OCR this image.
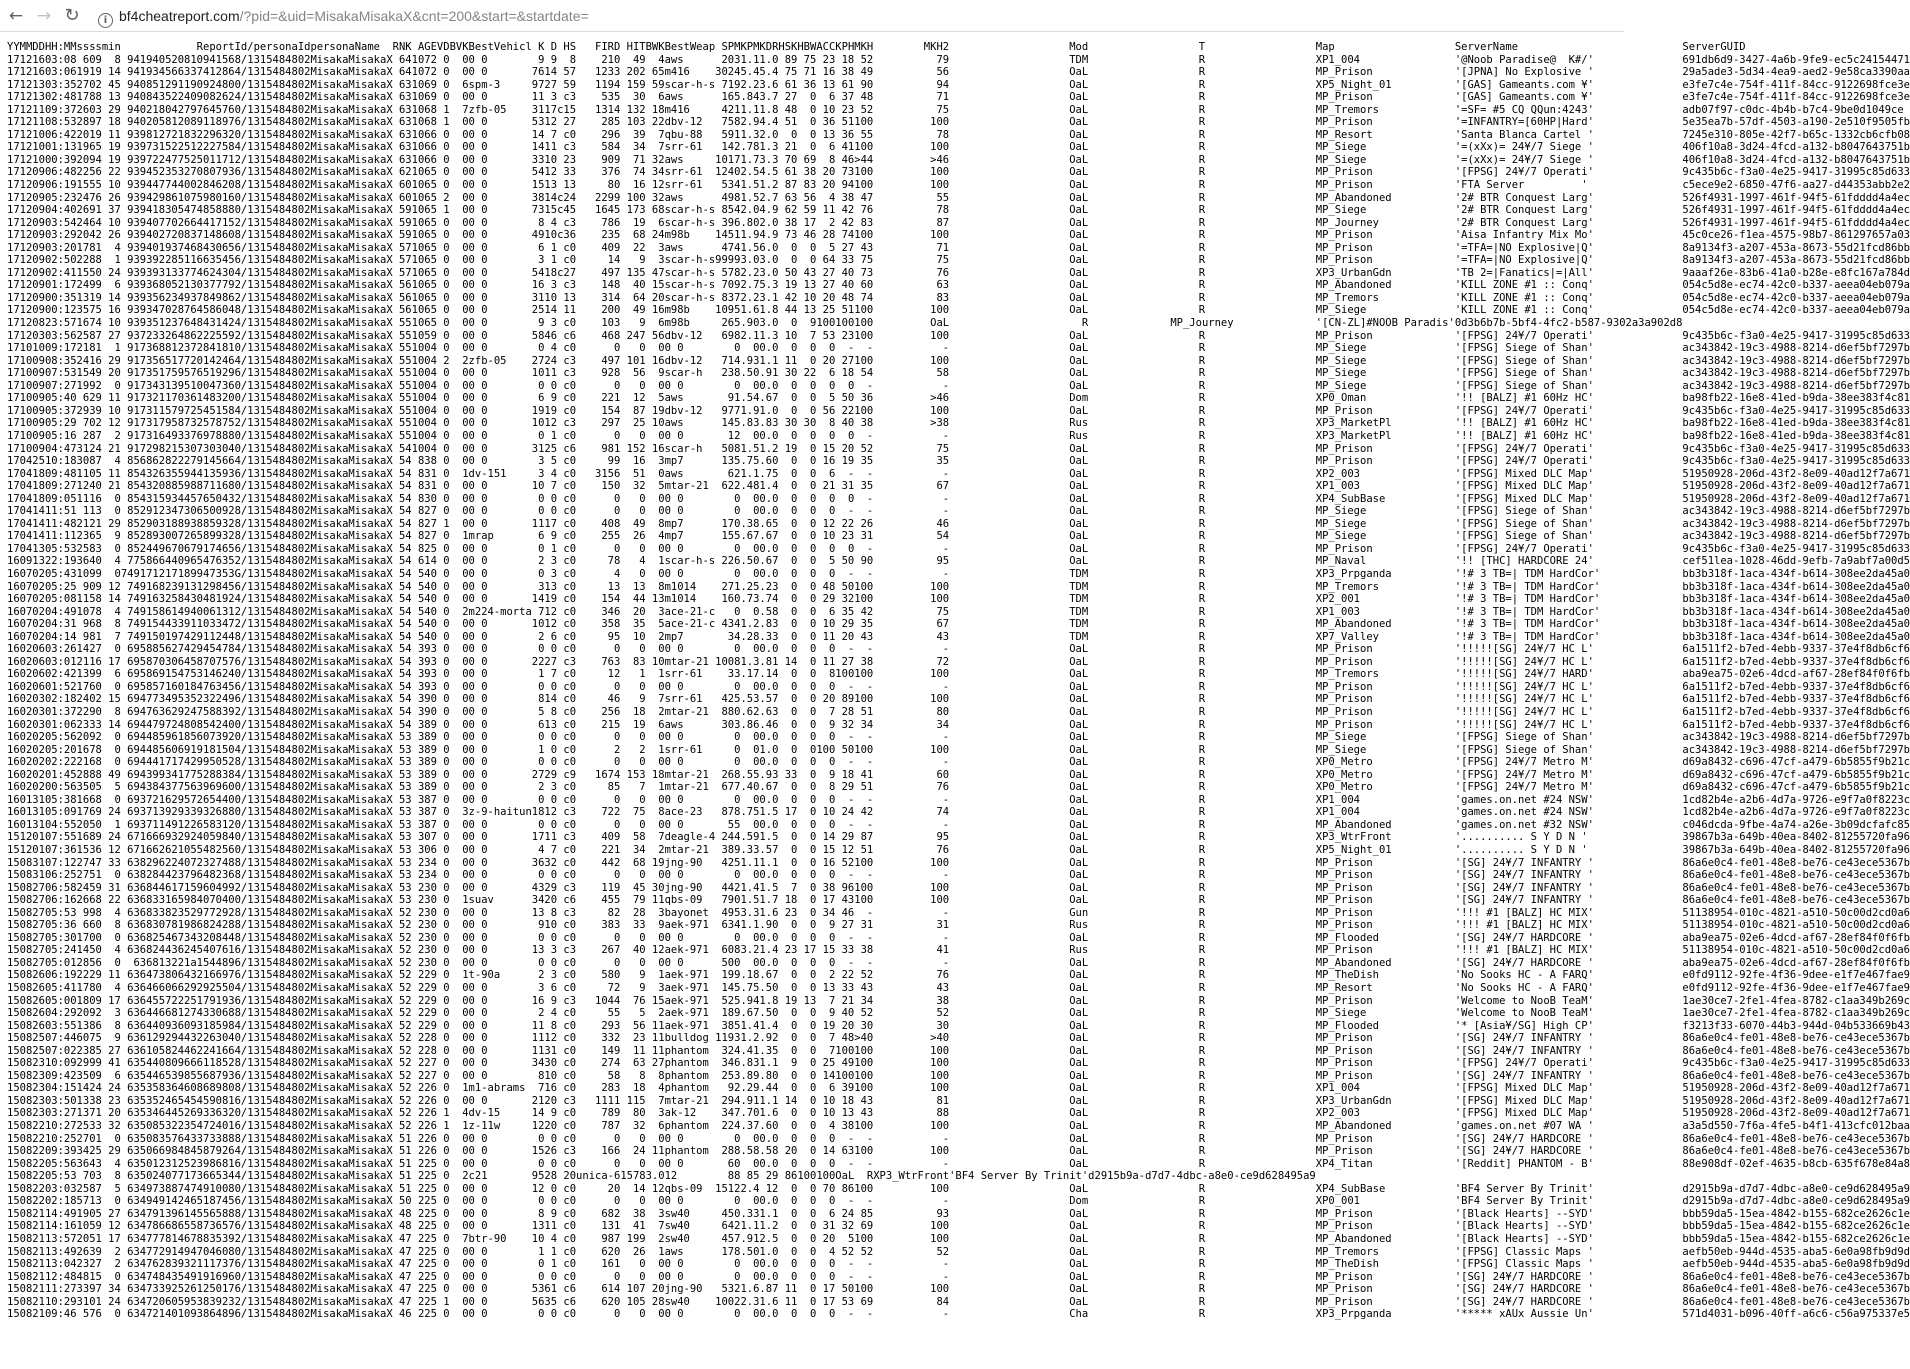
← → ↻	i bf4cheatreport.com/?pid=&uid=MisakaMisakaX&cnt=200&start=&startdate=
YYMMDD	HH:MM	ssss	min	ReportId/personaId	personaName	RNK	AGE	VD	BVK	BestVehicl	K	D	HS	FIRD	HIT	BWK	BestWeap	SPM	KPM	KDR	HSK	HBW	ACC	KPH	MKH	MKH2	Mod	T	Map	ServerName	ServerGUID
171216	03:08	609	8	941940520810941568/1315484802	MisakaMisakaX	64	1072	0	0	0 0	9	9	8	210	49	4	aws	203	1.1	1.0	89	75	23	18	52	79	TDM	R	XP1_004	'@Noob Paradise@  K#/'	691db6d9-3427-4a6b-9fe9-ec5c24154471
171216	03:06	1919	14	941934566337412864/1315484802	MisakaMisakaX	64	1072	0	0	0 0	76	14	57	1233	202	65	m416	3024	5.4	5.4	75	71	16	38	49	56	OaL	R	MP_Prison	'[JPNA] No Explosive '	29a5ade3-5d34-4ea9-aed2-9e58ca3390aa
171213	03:35	2702	45	940851291190924800/1315484802	MisakaMisakaX	63	1069	0	6	spm-3	97	27	59	1194	159	59	scar-h-s	719	2.2	3.6	61	36	13	61	90	94	OaL	R	XP5_Night_01	'[GAS] Gameants.com ¥'	e3fe7c4e-754f-411f-84cc-9122698fce3e
171213	02:48	1788	13	940843522409082624/1315484802	MisakaMisakaX	63	1069	0	0	0 0	11	3	c3	535	30	6	aws	165	.84	3.7	27	0	6	37	48	71	OaL	R	MP_Prison	'[GAS] Gameants.com ¥'	e3fe7c4e-754f-411f-84cc-9122698fce3e
171211	09:37	2603	29	940218042797645760/1315484802	MisakaMisakaX	63	1068	1	7	zfb-05	31	17	c15	1314	132	18	m416	421	1.1	1.8	48	0	10	23	52	75	OaL	R	MP_Tremors	'=SF= #5 CQ QQun:4243'	adb07f97-c0dc-4b4b-b7c4-9be0d1049ce
171211	08:53	2897	18	940205812089118976/1315484802	MisakaMisakaX	63	1068	1	0	0 0	53	12	27	285	103	22	dbv-12	758	2.9	4.4	51	0	36	51	100	100	OaL	R	MP_Prison	'=INFANTRY=[60HP|Hard'	5e35ea7b-57df-4503-a190-2e510f9505fb
171210	06:42	2019	11	939812721832296320/1315484802	MisakaMisakaX	63	1066	0	0	0 0	14	7	c0	296	39	7	qbu-88	591	1.3	2.0	0	0	13	36	55	78	OaL	R	MP_Resort	'Santa Blanca Cartel '	7245e310-805e-42f7-b65c-1332cb6cfb08
171210	01:13	1965	19	939731522512227584/1315484802	MisakaMisakaX	63	1066	0	0	0 0	14	11	c3	584	34	7	srr-61	142	.78	1.3	21	0	6	41	100	100	OaL	R	MP_Siege	'=(xXx)= 24¥/7 Siege '	406f10a8-3d24-4fcd-a132-b8047643751b
171210	00:39	2094	19	939722477525011712/1315484802	MisakaMisakaX	63	1066	0	0	0 0	33	10	23	909	71	32	aws	1017	1.7	3.3	70	69	8	46	>44	>46	OaL	R	MP_Siege	'=(xXx)= 24¥/7 Siege '	406f10a8-3d24-4fcd-a132-b8047643751b
171209	06:48	2256	22	939452353270807936/1315484802	MisakaMisakaX	62	1065	0	0	0 0	54	12	33	376	74	34	srr-61	1240	2.5	4.5	61	38	20	73	100	100	OaL	R	MP_Prison	'[FPSG] 24¥/7 Operati'	9c435b6c-f3a0-4e25-9417-31995c85d633
171209	06:19	1555	10	939447744002846208/1315484802	MisakaMisakaX	60	1065	0	0	0 0	15	13	13	80	16	12	srr-61	534	1.5	1.2	87	83	20	94	100	100	OaL	R	MP_Prison	'FTA Server         '	c5ece9e2-6850-47f6-aa27-d44353abb2e2
171209	05:23	2476	26	939429861075980160/1315484802	MisakaMisakaX	60	1065	2	0	0 0	38	14	c24	2299	100	32	aws	498	1.5	2.7	63	56	4	38	47	55	OaL	R	MP_Abandoned	'2# BTR Conquest Larg'	526f4931-1997-461f-94f5-61fdddd4a4ec
171209	04:40	2691	37	939418305474858880/1315484802	MisakaMisakaX	59	1065	1	0	0 0	73	15	c45	1645	173	68	scar-h-s	854	2.0	4.9	62	59	11	42	76	78	OaL	R	MP_Siege	'2# BTR Conquest Larg'	526f4931-1997-461f-94f5-61fdddd4a4ec
171209	03:54	2464	10	939407702664417152/1315484802	MisakaMisakaX	59	1065	0	0	0 0	8	4	c3	786	19	6	scar-h-s	396	.80	2.0	38	17	2	42	83	87	OaL	R	MP_Journey	'2# BTR Conquest Larg'	526f4931-1997-461f-94f5-61fdddd4a4ec
171209	03:29	2042	26	939402720837148608/1315484802	MisakaMisakaX	59	1065	0	0	0 0	49	10	c36	235	68	24	m98b	1451	1.9	4.9	73	46	28	74	100	100	OaL	R	MP_Prison	'Aisa Infantry Mix Mo'	45c0ce26-f1ea-4575-98b7-861297657a03
171209	03:20	1781	4	939401937468430656/1315484802	MisakaMisakaX	57	1065	0	0	0 0	6	1	c0	409	22	3	aws	474	1.5	6.0	0	0	5	27	43	71	OaL	R	MP_Prison	'=TFA=|NO Explosive|Q'	8a9134f3-a207-453a-8673-55d21fcd86bb
171209	02:50	2288	1	939392285116635456/1315484802	MisakaMisakaX	57	1065	0	0	0 0	3	1	c0	14	9	3	scar-h-s	9999	3.0	3.0	0	0	64	33	75	75	OaL	R	MP_Prison	'=TFA=|NO Explosive|Q'	8a9134f3-a207-453a-8673-55d21fcd86bb
171209	02:41	1550	24	939393133774624304/1315484802	MisakaMisakaX	57	1065	0	0	0 0	54	18	c27	497	135	47	scar-h-s	578	2.2	3.0	50	43	27	40	73	76	OaL	R	XP3_UrbanGdn	'TB 2=|Fanatics|=|All'	9aaaf26e-83b6-41a0-b28e-e8fc167a784d
171209	01:17	2499	6	939368052130377792/1315484802	MisakaMisakaX	56	1065	0	0	0 0	16	3	c3	148	40	15	scar-h-s	709	2.7	5.3	19	13	27	40	60	63	OaL	R	MP_Abandoned	'KILL ZONE #1 :: Conq'	054c5d8e-ec74-42c0-b337-aeea04eb079a
171209	00:35	1319	14	939356234937849862/1315484802	MisakaMisakaX	56	1065	0	0	0 0	31	10	13	314	64	20	scar-h-s	837	2.2	3.1	42	10	20	48	74	83	OaL	R	MP_Tremors	'KILL ZONE #1 :: Conq'	054c5d8e-ec74-42c0-b337-aeea04eb079a
171209	00:12	3575	16	939347028764586048/1315484802	MisakaMisakaX	56	1065	0	0	0 0	25	14	11	200	49	16	m98b	1095	1.6	1.8	44	13	25	51	100	100	OaL	R	MP_Siege	'KILL ZONE #1 :: Conq'	054c5d8e-ec74-42c0-b337-aeea04eb079a
171208	23:57	1674	10	939351237648431424/1315484802	MisakaMisakaX	55	1065	0	0	0 0	9	3	c0	103	9	6	m98b	265	.90	3.0	0	9	100	100	100	OaL	R	MP_Journey	'[CN-ZL]#NOOB Paradis'	0d3b6b7b-5bf4-4fc2-b587-9302a3a902d8	
171203	03:56	2587	27	937233264862225592/1315484802	MisakaMisakaX	55	1059	0	0	0 0	58	46	c6	468	247	56	dbv-12	698	2.1	1.3	10	7	53	23	100	100	OaL	R	MP_Prison	'[FPSG] 24¥/7 Operati'	9c435b6c-f3a0-4e25-9417-31995c85d633
171010	09:17	2181	1	917368812372841810/1315484802	MisakaMisakaX	55	1004	0	0	0 0	0	4	c0	0	0	0	0 0	0	0	0.0	0	0	0	-	-	-	OaL	R	MP_Siege	'[FPSG] Siege of Shan'	ac343842-19c3-4988-8214-d6ef5bf7297b
171009	08:35	2416	29	917356517720142464/1315484802	MisakaMisakaX	55	1004	2	2	zfb-05	27	24	c3	497	101	16	dbv-12	714	.93	1.1	11	0	20	27	100	100	OaL	R	MP_Siege	'[FPSG] Siege of Shan'	ac343842-19c3-4988-8214-d6ef5bf7297b
171009	07:53	1549	20	917351759576519296/1315484802	MisakaMisakaX	55	1004	0	0	0 0	10	11	c3	928	56	9	scar-h	238	.50	.91	30	22	6	18	54	58	OaL	R	MP_Siege	'[FPSG] Siege of Shan'	ac343842-19c3-4988-8214-d6ef5bf7297b
171009	07:27	1992	0	917343139510047360/1315484802	MisakaMisakaX	55	1004	0	0	0 0	0	0	c0	0	0	0	0 0	0	0	0.0	0	0	0	0	-	-	OaL	R	MP_Siege	'[FPSG] Siege of Shan'	ac343842-19c3-4988-8214-d6ef5bf7297b
171009	05:40	629	11	917321170361483200/1315484802	MisakaMisakaX	55	1004	0	0	0 0	6	9	c0	221	12	5	aws	91	.54	.67	0	0	5	50	36	>46	Dom	R	XP0_Oman	'!! [BALZ] #1 60Hz HC'	ba98fb22-16e8-41ed-b9da-38ee383f4c81
171009	05:37	2939	10	917311579725451584/1315484802	MisakaMisakaX	55	1004	0	0	0 0	19	19	c0	154	87	19	dbv-12	977	1.9	1.0	0	0	56	22	100	100	OaL	R	MP_Prison	'[FPSG] 24¥/7 Operati'	9c435b6c-f3a0-4e25-9417-31995c85d633
171009	05:29	702	12	917317958732578752/1315484802	MisakaMisakaX	55	1004	0	0	0 0	10	12	c3	297	25	10	aws	145	.83	.83	30	30	8	40	38	>38	Rus	R	XP3_MarketPl	'!! [BALZ] #1 60Hz HC'	ba98fb22-16e8-41ed-b9da-38ee383f4c81
171009	05:16	287	2	917316493376978880/1315484802	MisakaMisakaX	55	1004	0	0	0 0	0	1	c0	0	0	0	0 0	12	0	0.0	0	0	0	0	-	-	Rus	R	XP3_MarketPl	'!! [BALZ] #1 60Hz HC'	ba98fb22-16e8-41ed-b9da-38ee383f4c81
171009	04:47	3124	21	917298215307303040/1315484802	MisakaMisakaX	54	1004	0	0	0 0	31	25	c6	981	152	16	scar-h	508	1.5	1.2	19	0	15	20	52	75	OaL	R	MP_Prison	'[FPSG] 24¥/7 Operati'	9c435b6c-f3a0-4e25-9417-31995c85d633
170425	10:18	3087	4	856862822279145664/1315484802	MisakaMisakaX	54	838	0	0	0 0	3	5	c0	99	16	3	mp7	135	.75	.60	0	0	16	19	35	35	OaL	R	MP_Prison	'[FPSG] 24¥/7 Operati'	9c435b6c-f3a0-4e25-9417-31995c85d633
170418	09:48	1105	11	854326355944135936/1315484802	MisakaMisakaX	54	831	0	1	dv-151	3	4	c0	3156	51	0	aws	62	1.1	.75	0	0	6	-	-	-	OaL	R	XP2_003	'[FPSG] Mixed DLC Map'	51950928-206d-43f2-8e09-40ad12f7a671
170418	09:27	1240	21	854320885988711680/1315484802	MisakaMisakaX	54	831	0	0	0 0	10	7	c0	150	32	5	mtar-21	622	.48	1.4	0	0	21	31	35	67	OaL	R	XP1_003	'[FPSG] Mixed DLC Map'	51950928-206d-43f2-8e09-40ad12f7a671
170418	09:05	1116	0	854315934457650432/1315484802	MisakaMisakaX	54	830	0	0	0 0	0	0	c0	0	0	0	0 0	0	0	0.0	0	0	0	0	-	-	OaL	R	XP4_SubBase	'[FPSG] Mixed DLC Map'	51950928-206d-43f2-8e09-40ad12f7a671
170414	11:51	113	0	852912347306500928/1315484802	MisakaMisakaX	54	827	0	0	0 0	0	0	c0	0	0	0	0 0	0	0	0.0	0	0	0	-	-	-	OaL	R	MP_Siege	'[FPSG] Siege of Shan'	ac343842-19c3-4988-8214-d6ef5bf7297b
170414	11:48	2121	29	852903188938859328/1315484802	MisakaMisakaX	54	827	1	0	0 0	11	17	c0	408	49	8	mp7	170	.38	.65	0	0	12	22	26	46	OaL	R	MP_Siege	'[FPSG] Siege of Shan'	ac343842-19c3-4988-8214-d6ef5bf7297b
170414	11:11	2365	9	852893007265899328/1315484802	MisakaMisakaX	54	827	0	1	mrap	6	9	c0	255	26	4	mp7	155	.67	.67	0	0	10	23	31	54	OaL	R	MP_Siege	'[FPSG] Siege of Shan'	ac343842-19c3-4988-8214-d6ef5bf7297b
170413	05:53	2583	0	852449670679174656/1315484802	MisakaMisakaX	54	825	0	0	0 0	0	1	c0	0	0	0	0 0	0	0	0.0	0	0	0	0	-	-	OaL	R	MP_Prison	'[FPSG] 24¥/7 Operati'	9c435b6c-f3a0-4e25-9417-31995c85d633
160913	22:19	3640	4	775866440965476352/1315484802	MisakaMisakaX	54	614	0	0	0 0	2	3	c0	78	4	1	scar-h-s	226	.50	.67	0	0	5	50	90	95	OaL	R	MP_Naval	'!! [THC] HARDCORE 24'	cef51lea-1028-46dd-9efb-7a9abf7a00d5
160702	05:43	1099	0	749171217189947353G/1315484802	MisakaMisakaX	54	540	0	0	0 0	0	3	c0	4	0	0	0 0	0	0	0.0	0	0	0	-	-	-	TDM	R	XP3_Prpganda	'!# 3 TB=| TDM HardCor'	bb3b318f-1aca-434f-b614-308ee2da45a0
160702	05:25	909	12	749168239131298456/1315484802	MisakaMisakaX	54	540	0	0	0 0	3	13	c0	13	13	8	m1014	271	.25	.23	0	0	48	50	100	100	TDM	R	MP_Tremors	'!# 3 TB=| TDM HardCor'	bb3b318f-1aca-434f-b614-308ee2da45a0
160702	05:08	1158	14	749163258430481924/1315484802	MisakaMisakaX	54	540	0	0	0 0	14	19	c0	154	44	13	m1014	160	.73	.74	0	0	29	32	100	100	TDM	R	XP2_001	'!# 3 TB=| TDM HardCor'	bb3b318f-1aca-434f-b614-308ee2da45a0
160702	04:49	1078	4	749158614940061312/1315484802	MisakaMisakaX	54	540	0	2	m224-morta	7	12	c0	346	20	3	ace-21-c	0	0	.58	0	0	6	35	42	75	TDM	R	XP1_003	'!# 3 TB=| TDM HardCor'	bb3b318f-1aca-434f-b614-308ee2da45a0
160702	04:31	968	8	749154433911033472/1315484802	MisakaMisakaX	54	540	0	0	0 0	10	12	c0	358	35	5	ace-21-c	434	1.2	.83	0	0	10	29	35	67	TDM	R	MP_Abandoned	'!# 3 TB=| TDM HardCor'	bb3b318f-1aca-434f-b614-308ee2da45a0
160702	04:14	981	7	749150197429112448/1315484802	MisakaMisakaX	54	540	0	0	0 0	2	6	c0	95	10	2	mp7	34	.28	.33	0	0	11	20	43	43	TDM	R	XP7_Valley	'!# 3 TB=| TDM HardCor'	bb3b318f-1aca-434f-b614-308ee2da45a0
160206	03:26	1427	0	695885627429454784/1315484802	MisakaMisakaX	54	393	0	0	0 0	0	0	c0	0	0	0	0 0	0	0	0.0	0	0	0	-	-	-	OaL	R	MP_Prison	'!!!!![SG] 24¥/7 HC L'	6a1511f2-b7ed-4ebb-9337-37e4f8db6cf6
160206	03:01	2116	17	695870306458707576/1315484802	MisakaMisakaX	54	393	0	0	0 0	22	27	c3	763	83	10	mtar-21	1008	1.3	.81	14	0	11	27	38	72	OaL	R	MP_Prison	'!!!!![SG] 24¥/7 HC L'	6a1511f2-b7ed-4ebb-9337-37e4f8db6cf6
160206	02:42	1399	6	695869154753146240/1315484802	MisakaMisakaX	54	393	0	0	0 0	1	7	c0	12	1	1	srr-61	33	.17	.14	0	0	8	100	100	100	OaL	R	MP_Tremors	'!!!!![SG] 24¥/7 HARD'	aba9ea75-02e6-4dcd-af67-28ef84f0f6fb
160206	01:52	1760	0	695857160184763456/1315484802	MisakaMisakaX	54	393	0	0	0 0	0	0	c0	0	0	0	0 0	0	0	0.0	0	0	0	-	-	-	OaL	R	MP_Prison	'!!!!![SG] 24¥/7 HC L'	6a1511f2-b7ed-4ebb-9337-37e4f8db6cf6
160203	02:18	2402	15	694773495352322496/1315484802	MisakaMisakaX	54	390	0	0	0 0	8	14	c0	46	9	7	srr-61	425	.53	.57	0	0	20	89	100	100	OaL	R	MP_Prison	'!!!!![SG] 24¥/7 HC L'	6a1511f2-b7ed-4ebb-9337-37e4f8db6cf6
160203	01:37	2290	8	694763629247588392/1315484802	MisakaMisakaX	54	390	0	0	0 0	5	8	c0	256	18	2	mtar-21	880	.62	.63	0	0	7	28	51	80	OaL	R	MP_Prison	'!!!!![SG] 24¥/7 HC L'	6a1511f2-b7ed-4ebb-9337-37e4f8db6cf6
160203	01:06	2333	14	694479724808542400/1315484802	MisakaMisakaX	54	389	0	0	0 0	6	13	c0	215	19	6	aws	303	.86	.46	0	0	9	32	34	34	OaL	R	MP_Prison	'!!!!![SG] 24¥/7 HC L'	6a1511f2-b7ed-4ebb-9337-37e4f8db6cf6
160202	05:56	2092	0	694485961856073920/1315484802	MisakaMisakaX	53	389	0	0	0 0	0	0	c0	0	0	0	0 0	0	0	0.0	0	0	0	-	-	-	OaL	R	MP_Siege	'[FPSG] Siege of Shan'	ac343842-19c3-4988-8214-d6ef5bf7297b
160202	05:20	1678	0	694485606919181504/1315484802	MisakaMisakaX	53	389	0	0	0 0	1	0	c0	2	2	1	srr-61	0	0	1.0	0	0	100	50	100	100	OaL	R	MP_Siege	'[FPSG] Siege of Shan'	ac343842-19c3-4988-8214-d6ef5bf7297b
160202	02:22	2168	0	694441717429950528/1315484802	MisakaMisakaX	53	389	0	0	0 0	0	0	c0	0	0	0	0 0	0	0	0.0	0	0	0	-	-	-	OaL	R	XP0_Metro	'[FPSG] 24¥/7 Metro M'	d69a8432-c696-47cf-a479-6b5855f9b21c
160202	01:45	2888	49	694399341775288384/1315484802	MisakaMisakaX	53	389	0	0	0 0	27	29	c9	1674	153	18	mtar-21	268	.55	.93	33	0	9	18	41	60	OaL	R	XP0_Metro	'[FPSG] 24¥/7 Metro M'	d69a8432-c696-47cf-a479-6b5855f9b21c
160202	00:56	3505	5	694384377563969600/1315484802	MisakaMisakaX	53	389	0	0	0 0	2	3	c0	85	7	1	mtar-21	677	.40	.67	0	0	8	29	51	76	OaL	R	XP0_Metro	'[FPSG] 24¥/7 Metro M'	d69a8432-c696-47cf-a479-6b5855f9b21c
160131	05:38	1668	0	693721629572654400/1315484802	MisakaMisakaX	53	387	0	0	0 0	0	0	c0	0	0	0	0 0	0	0	0.0	0	0	0	-	-	-	OaL	R	XP1_004	'games.on.net #24 NSW'	1cd82b4e-a2b6-4d7a-9726-e9f7a0f8223c
160131	05:09	1769	24	693713929339326880/1315484802	MisakaMisakaX	53	387	0	3	z-9-haitun	18	12	c3	722	75	8	ace-23	878	.75	1.5	17	0	10	24	42	74	OaL	R	XP1_004	'games.on.net #24 NSW'	1cd82b4e-a2b6-4d7a-9726-e9f7a0f8223c
160131	04:55	2050	1	693711491226583120/1315484802	MisakaMisakaX	53	387	0	0	0 0	0	0	c0	0	0	0	0 0	55	0	0.0	0	0	0	-	-	-	OaL	R	MP_Abandoned	'games.on.net #32 NSW'	c046dcda-9fbe-4a74-a26e-3b09dcfafc85
151201	07:55	1689	24	671666932924059840/1315484802	MisakaMisakaX	53	307	0	0	0 0	17	11	c3	409	58	7	deagle-4	244	.59	1.5	0	0	14	29	87	95	OaL	R	XP3_WtrFront	'.......... S Y D N '	39867b3a-649b-40ea-8402-81255720fa96
151201	07:36	1536	12	671662621055482560/1315484802	MisakaMisakaX	53	306	0	0	0 0	4	7	c0	221	34	2	mtar-21	389	.33	.57	0	0	15	12	51	76	OaL	R	XP5_Night_01	'.......... S Y D N '	39867b3a-649b-40ea-8402-81255720fa96
150831	07:12	2747	33	638296224072327488/1315484802	MisakaMisakaX	53	234	0	0	0 0	36	32	c0	442	68	19	jng-90	425	1.1	1.1	0	0	16	52	100	100	OaL	R	MP_Prison	'[SG] 24¥/7 INFANTRY '	86a6e0c4-fe01-48e8-be76-ce43ece5367b
150831	06:25	2751	0	638284423796482368/1315484802	MisakaMisakaX	53	234	0	0	0 0	0	0	c0	0	0	0	0 0	0	0	0.0	0	0	0	-	-	-	OaL	R	MP_Prison	'[SG] 24¥/7 INFANTRY '	86a6e0c4-fe01-48e8-be76-ce43ece5367b
150827	06:58	2459	31	636844617159604992/1315484802	MisakaMisakaX	53	230	0	0	0 0	43	29	c3	119	45	30	jng-90	442	1.4	1.5	7	0	38	96	100	100	OaL	R	MP_Prison	'[SG] 24¥/7 INFANTRY '	86a6e0c4-fe01-48e8-be76-ce43ece5367b
150827	06:16	2668	22	636833165984070400/1315484802	MisakaMisakaX	53	230	0	1	suav	34	20	c6	455	79	11	qbs-09	790	1.5	1.7	18	0	17	43	100	100	OaL	R	MP_Prison	'[SG] 24¥/7 INFANTRY '	86a6e0c4-fe01-48e8-be76-ce43ece5367b
150827	05:53	998	4	636833823529772928/1315484802	MisakaMisakaX	52	230	0	0	0 0	13	8	c3	82	28	3	bayonet	495	3.3	1.6	23	0	34	46	-	-	Gun	R	MP_Prison	'!!! #1 [BALZ] HC MIX'	51138954-010c-4821-a510-50c00d2cd0a6
150827	05:36	660	8	636830781986824288/1315484802	MisakaMisakaX	52	230	0	0	0 0	9	10	c0	383	33	9	aek-971	634	1.1	.90	0	0	9	27	31	31	Rus	R	MP_Prison	'!!! #1 [BALZ] HC MIX'	51138954-010c-4821-a510-50c00d2cd0a6
150827	05:30	1700	0	636825467343208448/1315484802	MisakaMisakaX	52	230	0	0	0 0	0	0	c0	0	0	0	0 0	0	0	0.0	0	0	0	-	-	-	OaL	R	MP_Flooded	'[SG] 24¥/7 HARDCORE '	aba9ea75-02e6-4dcd-af67-28ef84f0f6fb
150827	05:24	1450	4	636824436245407616/1315484802	MisakaMisakaX	52	230	0	0	0 0	13	3	c3	267	40	12	aek-971	608	3.2	1.4	23	17	15	33	38	41	Rus	R	MP_Prison	'!!! #1 [BALZ] HC MIX'	51138954-010c-4821-a510-50c00d2cd0a6
150827	05:01	2856	0	636813221a1544896/1315484802	MisakaMisakaX	52	230	0	0	0 0	0	0	c0	0	0	0	0 0	500	0	0.0	0	0	0	-	-	-	OaL	R	MP_Abandoned	'[SG] 24¥/7 HARDCORE '	aba9ea75-02e6-4dcd-af67-28ef84f0f6fb
150826	06:19	2229	11	636473806432166976/1315484802	MisakaMisakaX	52	229	0	1	t-90a	2	3	c0	580	9	1	aek-971	199	.18	.67	0	0	2	22	52	76	OaL	R	MP_TheDish	'No Sooks HC - A FARQ'	e0fd9112-92fe-4f36-9dee-e1f7e467fae9
150826	05:41	1780	4	636466066292925504/1315484802	MisakaMisakaX	52	229	0	0	0 0	3	6	c0	72	9	3	aek-971	145	.75	.50	0	0	13	33	43	43	OaL	R	MP_Resort	'No Sooks HC - A FARQ'	e0fd9112-92fe-4f36-9dee-e1f7e467fae9
150826	05:00	1809	17	636455722251791936/1315484802	MisakaMisakaX	52	229	0	0	0 0	16	9	c3	1044	76	15	aek-971	525	.94	1.8	19	13	7	21	34	38	OaL	R	MP_Prison	'Welcome to NooB TeaM'	1ae30ce7-2fe1-4fea-8782-c1aa349b269c
150826	04:29	2092	3	636446681274330688/1315484802	MisakaMisakaX	52	229	0	0	0 0	2	4	c0	55	5	2	aek-971	189	.67	.50	0	0	9	40	52	52	OaL	R	MP_Siege	'Welcome to NooB TeaM'	1ae30ce7-2fe1-4fea-8782-c1aa349b269c
150826	03:55	1386	8	636440936093185984/1315484802	MisakaMisakaX	52	229	0	0	0 0	11	8	c0	293	56	11	aek-971	385	1.4	1.4	0	0	19	20	30	30	OaL	R	MP_Flooded	'* [Asia¥/SG] High CP'	f3213f33-6070-44b3-944d-04b533669b43
150825	07:44	6075	9	636129294432263040/1315484802	MisakaMisakaX	52	228	0	0	0 0	11	12	c0	332	23	11	bulldog	1193	1.2	.92	0	0	7	48	>40	>40	OaL	R	MP_Prison	'[SG] 24¥/7 INFANTRY '	86a6e0c4-fe01-48e8-be76-ce43ece5367b
150825	07:02	2385	27	636105824462241664/1315484802	MisakaMisakaX	52	228	0	0	0 0	11	31	c0	149	11	11	phantom	324	.41	.35	0	0	7	100	100	100	OaL	R	MP_Prison	'[SG] 24¥/7 INFANTRY '	86a6e0c4-fe01-48e8-be76-ce43ece5367b
150823	10:09	2999	41	635440809666118528/1315484802	MisakaMisakaX	52	227	0	0	0 0	34	30	c0	274	63	27	phantom	346	.83	1.1	9	0	25	49	100	100	OaL	R	MP_Prison	'[FPSG] 24¥/7 Operati'	9c435b6c-f3a0-4e25-9417-31995c85d633
150823	09:42	3509	6	635446539855687936/1315484802	MisakaMisakaX	52	227	0	0	0 0	8	10	c0	58	8	8	phantom	253	.89	.80	0	0	14	100	100	100	OaL	R	MP_Prison	'[SG] 24¥/7 INFANTRY '	86a6e0c4-fe01-48e8-be76-ce43ece5367b
150823	04:15	1424	24	635358364608689808/1315484802	MisakaMisakaX	52	226	0	1	m1-abrams	7	16	c0	283	18	4	phantom	92	.29	.44	0	0	6	39	100	100	OaL	R	XP1_004	'[FPSG] Mixed DLC Map'	51950928-206d-43f2-8e09-40ad12f7a671
150823	03:50	1338	23	635352465454590816/1315484802	MisakaMisakaX	52	226	0	0	0 0	21	20	c3	1111	115	7	mtar-21	294	.91	1.1	14	0	10	18	43	81	OaL	R	XP3_UrbanGdn	'[FPSG] Mixed DLC Map'	51950928-206d-43f2-8e09-40ad12f7a671
150823	03:27	1371	20	635346445269336320/1315484802	MisakaMisakaX	52	226	1	4	dv-15	14	9	c0	789	80	3	ak-12	347	.70	1.6	0	0	10	13	43	88	OaL	R	XP2_003	'[FPSG] Mixed DLC Map'	51950928-206d-43f2-8e09-40ad12f7a671
150822	10:27	2533	32	635085322354724016/1315484802	MisakaMisakaX	52	226	1	1	z-11w	12	20	c0	787	32	6	phantom	224	.37	.60	0	0	4	38	100	100	OaL	R	MP_Abandoned	'games.on.net #07 WA '	a3a5d550-7f6a-4fe5-b4f1-413cfc012baa
150822	10:25	2701	0	635083576433733888/1315484802	MisakaMisakaX	51	226	0	0	0 0	0	0	c0	0	0	0	0 0	0	0	0.0	0	0	0	-	-	-	OaL	R	MP_Prison	'[SG] 24¥/7 HARDCORE '	86a6e0c4-fe01-48e8-be76-ce43ece5367b
150822	09:39	3425	29	635066984845879264/1315484802	MisakaMisakaX	51	226	0	0	0 0	15	26	c3	166	24	11	phantom	288	.58	.58	20	0	14	63	100	100	OaL	R	MP_Prison	'[SG] 24¥/7 HARDCORE '	86a6e0c4-fe01-48e8-be76-ce43ece5367b
150822	05:56	3643	4	635012312523986816/1315484802	MisakaMisakaX	51	225	0	0	0 0	0	0	c0	0	0	0	0 0	60	0	0.0	0	0	0	-	-	-	OaL	R	XP4_Titan	'[Reddit] PHANTOM - B'	88e908df-02ef-4635-b8cb-635f678e84a8
150822	05:53	703	8	635024077173665344/1315484802	MisakaMisakaX	51	225	0	2	c21	95	28	20	unica-6	1578	3.0	12	88	85	29	86	100	100	OaL	R	XP3_WtrFront	'BF4 Server By Trinit'	d2915b9a-d7d7-4dbc-a8e0-ce9d628495a9			
150822	03:03	2587	5	634973887474910080/1315484802	MisakaMisakaX	51	225	0	0	0 0	12	0	c0	20	14	12	qbs-09	1512	2.4	12	0	0	70	86	100	100	OaL	R	XP4_SubBase	'BF4 Server By Trinit'	d2915b9a-d7d7-4dbc-a8e0-ce9d628495a9
150822	02:18	5713	0	634949142465187456/1315484802	MisakaMisakaX	50	225	0	0	0 0	0	0	c0	0	0	0	0 0	0	0	0.0	0	0	0	-	-	-	Dom	R	XP0_001	'BF4 Server By Trinit'	d2915b9a-d7d7-4dbc-a8e0-ce9d628495a9
150821	14:49	1905	27	634791396145565888/1315484802	MisakaMisakaX	48	225	0	0	0 0	8	9	c0	682	38	3	sw40	450	.33	1.1	0	0	6	24	85	93	OaL	R	MP_Prison	'[Black Hearts] --SYD'	bbb59da5-15ea-4842-b155-682ce2626c1e
150821	14:16	1059	12	634786686558736576/1315484802	MisakaMisakaX	48	225	0	0	0 0	13	11	c0	131	41	7	sw40	642	1.1	1.2	0	0	31	32	69	100	OaL	R	MP_Prison	'[Black Hearts] --SYD'	bbb59da5-15ea-4842-b155-682ce2626c1e
150821	13:57	2051	17	634777814678835392/1315484802	MisakaMisakaX	47	225	0	7	btr-90	10	4	c0	987	199	2	sw40	457	.91	2.5	0	0	20	5	100	100	OaL	R	MP_Abandoned	'[Black Hearts] --SYD'	bbb59da5-15ea-4842-b155-682ce2626c1e
150821	13:49	2639	2	634772914947046080/1315484802	MisakaMisakaX	47	225	0	0	0 0	1	1	c0	620	26	1	aws	178	.50	1.0	0	0	4	52	52	52	OaL	R	MP_Tremors	'[FPSG] Classic Maps '	aefb50eb-944d-4535-aba5-6e0a98fb9d9d
150821	13:04	2327	2	634762839321117376/1315484802	MisakaMisakaX	47	225	0	0	0 0	0	1	c0	161	0	0	0 0	0	0	0.0	0	0	0	-	-	-	OaL	R	MP_TheDish	'[FPSG] Classic Maps '	aefb50eb-944d-4535-aba5-6e0a98fb9d9d
150821	12:48	4815	0	634748435491916960/1315484802	MisakaMisakaX	47	225	0	0	0 0	0	0	c0	0	0	0	0 0	0	0	0.0	0	0	0	-	-	-	OaL	R	MP_Prison	'[SG] 24¥/7 HARDCORE '	86a6e0c4-fe01-48e8-be76-ce43ece5367b
150821	11:27	3397	34	634733925261250176/1315484802	MisakaMisakaX	47	225	0	0	0 0	53	61	c6	614	107	20	jng-90	532	1.6	.87	11	0	17	50	100	100	OaL	R	MP_Prison	'[SG] 24¥/7 HARDCORE '	86a6e0c4-fe01-48e8-be76-ce43ece5367b
150821	10:29	3101	24	634720605953839232/1315484802	MisakaMisakaX	47	225	1	0	0 0	56	35	c6	620	105	28	sw40	1002	2.3	1.6	11	0	17	53	69	84	OaL	R	MP_Prison	'[SG] 24¥/7 HARDCORE '	86a6e0c4-fe01-48e8-be76-ce43ece5367b
150821	09:46	576	0	634721401093864896/1315484802	MisakaMisakaX	46	225	0	0	0 0	0	0	c0	0	0	0	0 0	0	0	0.0	0	0	0	-	-	-	Cha	R	XP3_Prpganda	'***** xAUx Aussie Un'	571d4031-b096-40ff-a6c6-c56a975337e5
